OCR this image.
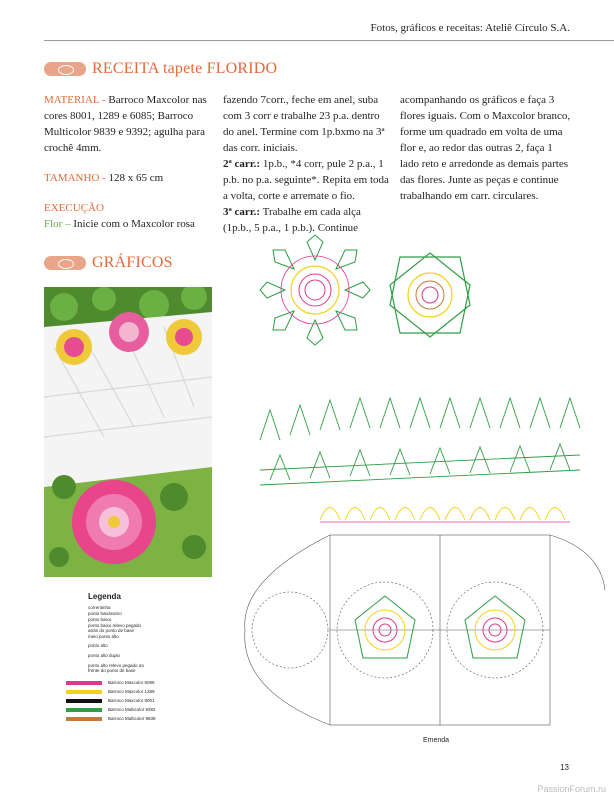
Fotos, gráficos e receitas: Ateliê Círculo S.A.
RECEITA tapete FLORIDO

MATERIAL - Barroco Maxcolor nas cores 8001, 1289 e 6085; Barroco Multicolor 9839 e 9392; agulha para crochê 4mm.

TAMANHO - 128 x 65 cm

EXECUÇÃO

Flor – Inicie com o Maxcolor rosa

fazendo 7corr., feche em anel, suba com 3 corr e trabalhe 23 p.a. dentro do anel. Termine com 1p.bxmo na 3ª das corr. iniciais.

2ª carr.: 1p.b., *4 corr, pule 2 p.a., 1 p.b. no p.a. seguinte*. Repita em toda a volta, corte e arremate o fio.

3ª carr.: Trabalhe em cada alça (1p.b., 5 p.a., 1 p.b.). Continue

acompanhando os gráficos e faça 3 flores iguais. Com o Maxcolor branco, forme um quadrado em volta de uma flor e, ao redor das outras 2, faça 1 lado reto e arredonde as demais partes das flores. Junte as peças e continue trabalhando em carr. circulares.

GRÁFICOS
Legenda
correntinha
ponto baixíssimo
ponto baixo
ponto baixo relevo pegado
atrás do ponto de base
meio ponto alto
ponto alto
ponto alto duplo
ponto alto relevo pegado na
frente do ponto de base
Barroco Maxcolor 6085
Barroco Maxcolor 1289
Barroco Maxcolor 8001
Barroco Multicolor 9392
Barroco Multicolor 9839
Emenda
13
PassionForum.ru
